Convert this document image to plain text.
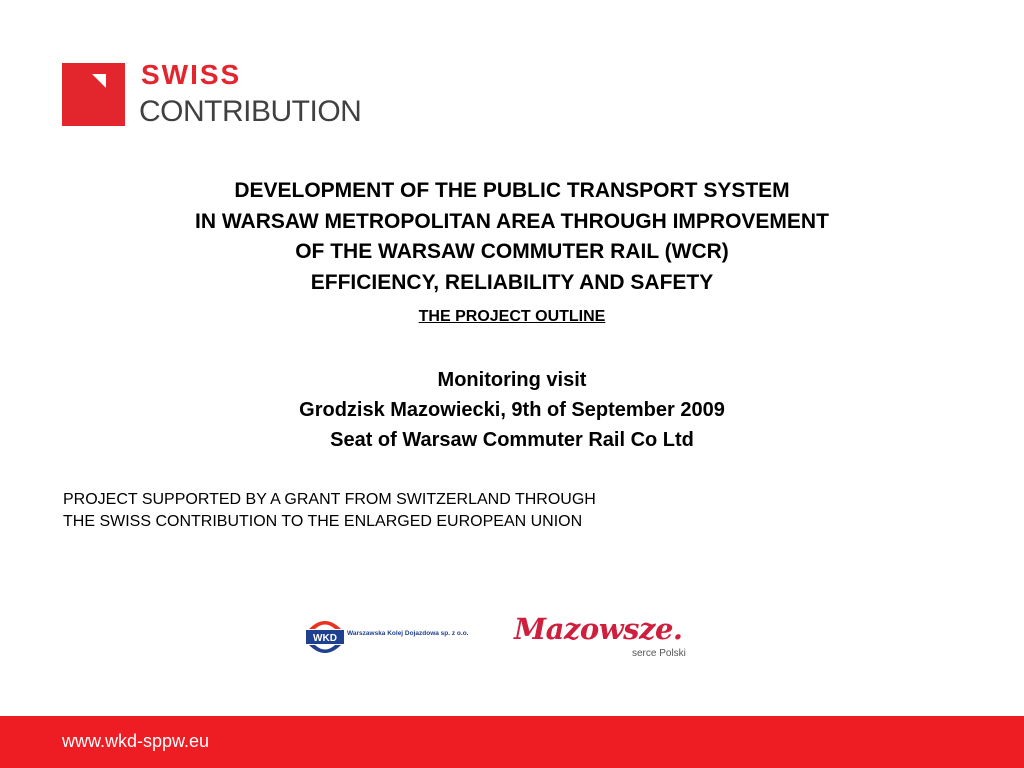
SWISS
CONTRIBUTION
DEVELOPMENT OF THE PUBLIC TRANSPORT SYSTEM
IN WARSAW METROPOLITAN AREA THROUGH IMPROVEMENT
OF THE WARSAW COMMUTER RAIL (WCR)
EFFICIENCY, RELIABILITY AND SAFETY
THE PROJECT OUTLINE
Monitoring visit
Grodzisk Mazowiecki, 9th of September 2009
Seat of Warsaw Commuter Rail Co Ltd
PROJECT SUPPORTED BY A GRANT FROM SWITZERLAND THROUGH
THE SWISS CONTRIBUTION TO THE ENLARGED EUROPEAN UNION
WKD Warszawska Kolej Dojazdowa sp. z o.o. Mazowsze.
serce Polski
www.wkd-sppw.eu
